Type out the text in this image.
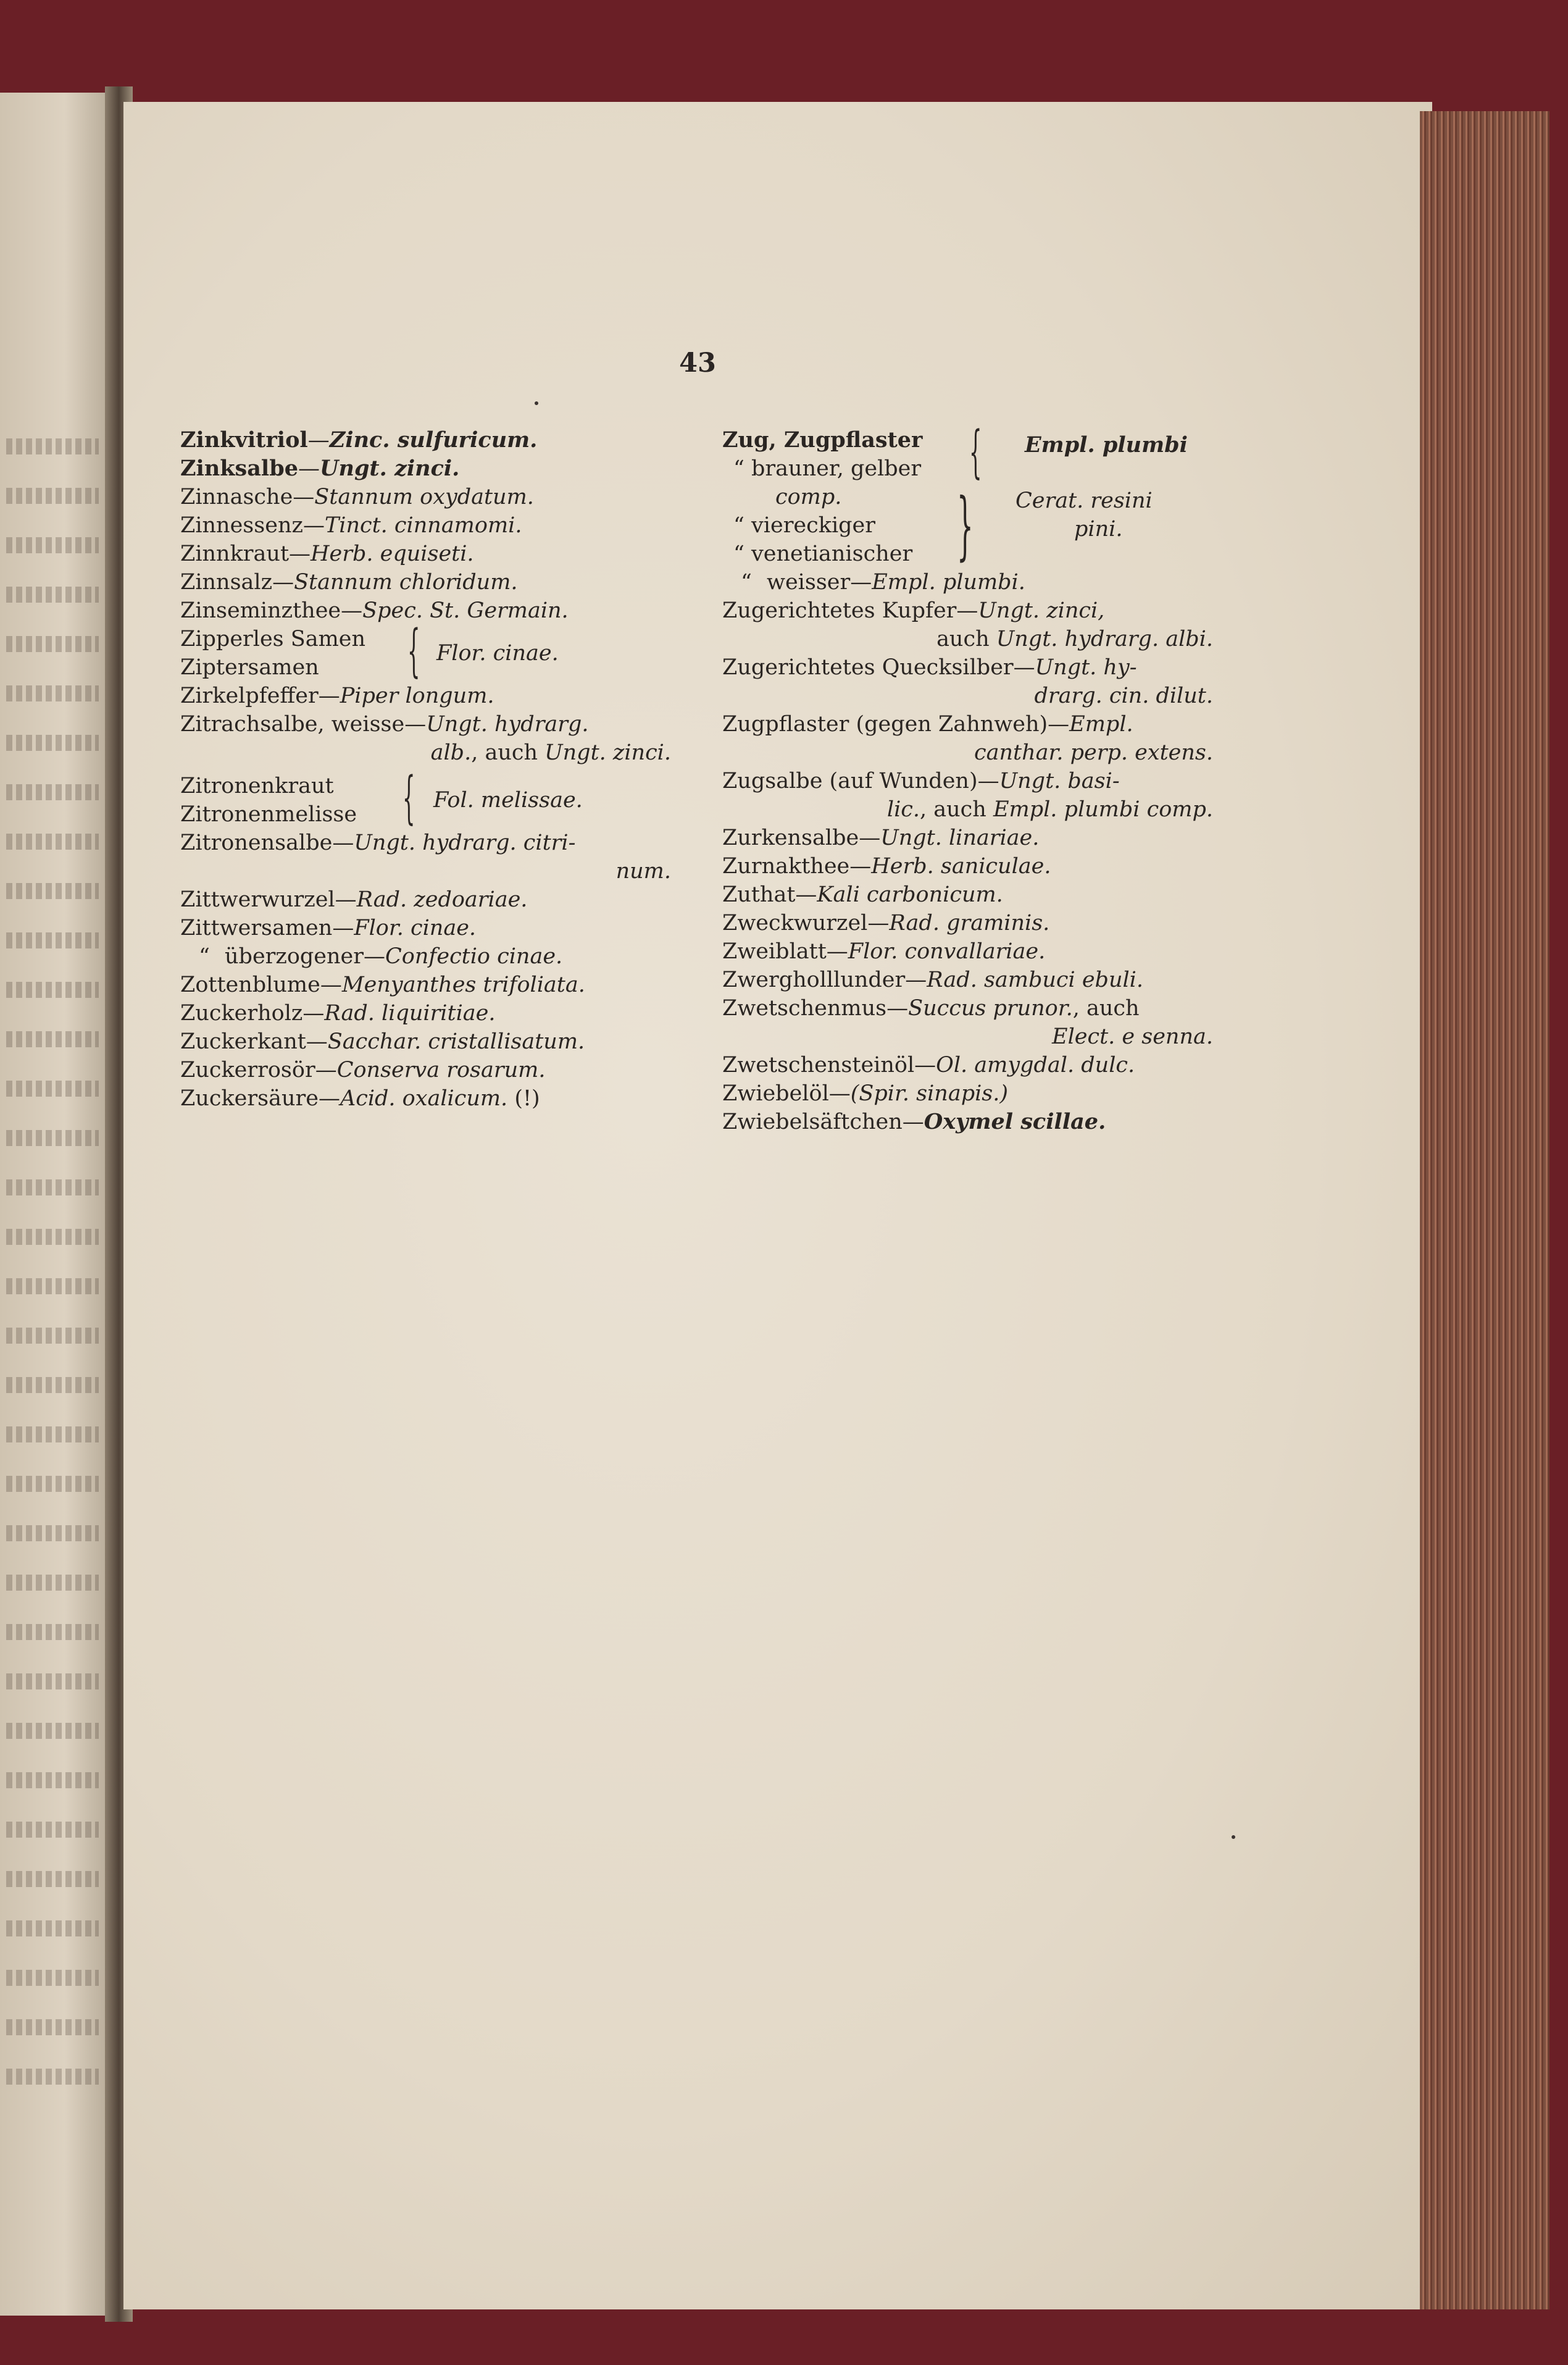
43
Zinkvitriol — Zinc. sulfuricum.
Zinksalbe — Ungt. zinci.
Zinnasche — Stannum oxydatum.
Zinnessenz — Tinct. cinnamomi.
Zinnkraut — Herb. equiseti.
Zinnsalz — Stannum chloridum.
Zinseminzthee — Spec. St. Germain.
Zipperles Samen
Ziptersamen	{ Flor. cinae.
Zirkelpfeffer — Piper longum.
Zitrachsalbe, weisse — Ungt. hydrarg.
alb., auch Ungt. zinci.
Zitronenkraut
Zitronenmelisse { Fol. melissae.
Zitronensalbe — Ungt. hydrarg. citri-
num.
Zittwerwurzel — Rad. zedoariae.
Zittwersamen — Flor. cinae.
“ überzogener — Confectio cinae.
Zottenblume — Menyanthes trifoliata.
Zuckerholz — Rad. liquiritiae.
Zuckerkant — Sacchar. cristallisatum.
Zuckerrosör — Conserva rosarum.
Zuckersäure — Acid. oxalicum. (!)
Zug, Zugpflaster
“ brauner, gelber { Empl. plumbi
comp.
“ viereckiger
“ venetianischer } Cerat. resini
pini.
“ weisser — Empl. plumbi.
Zugerichtetes Kupfer — Ungt. zinci,
auch Ungt. hydrarg. albi.
Zugerichtetes Quecksilber — Ungt. hy-
drarg. cin. dilut.
Zugpflaster (gegen Zahnweh) — Empl.
canthar. perp. extens.
Zugsalbe (auf Wunden) — Ungt. basi-
lic., auch Empl. plumbi comp.
Zurkensalbe — Ungt. linariae.
Zurnakthee — Herb. saniculae.
Zuthat — Kali carbonicum.
Zweckwurzel — Rad. graminis.
Zweiblatt — Flor. convallariae.
Zwergholllunder — Rad. sambuci ebuli.
Zwetschenmus — Succus prunor., auch
Elect. e senna.
Zwetschensteinöl — Ol. amygdal. dulc.
Zwiebelöl — (Spir. sinapis.)
Zwiebelsäftchen — Oxymel scillae.
